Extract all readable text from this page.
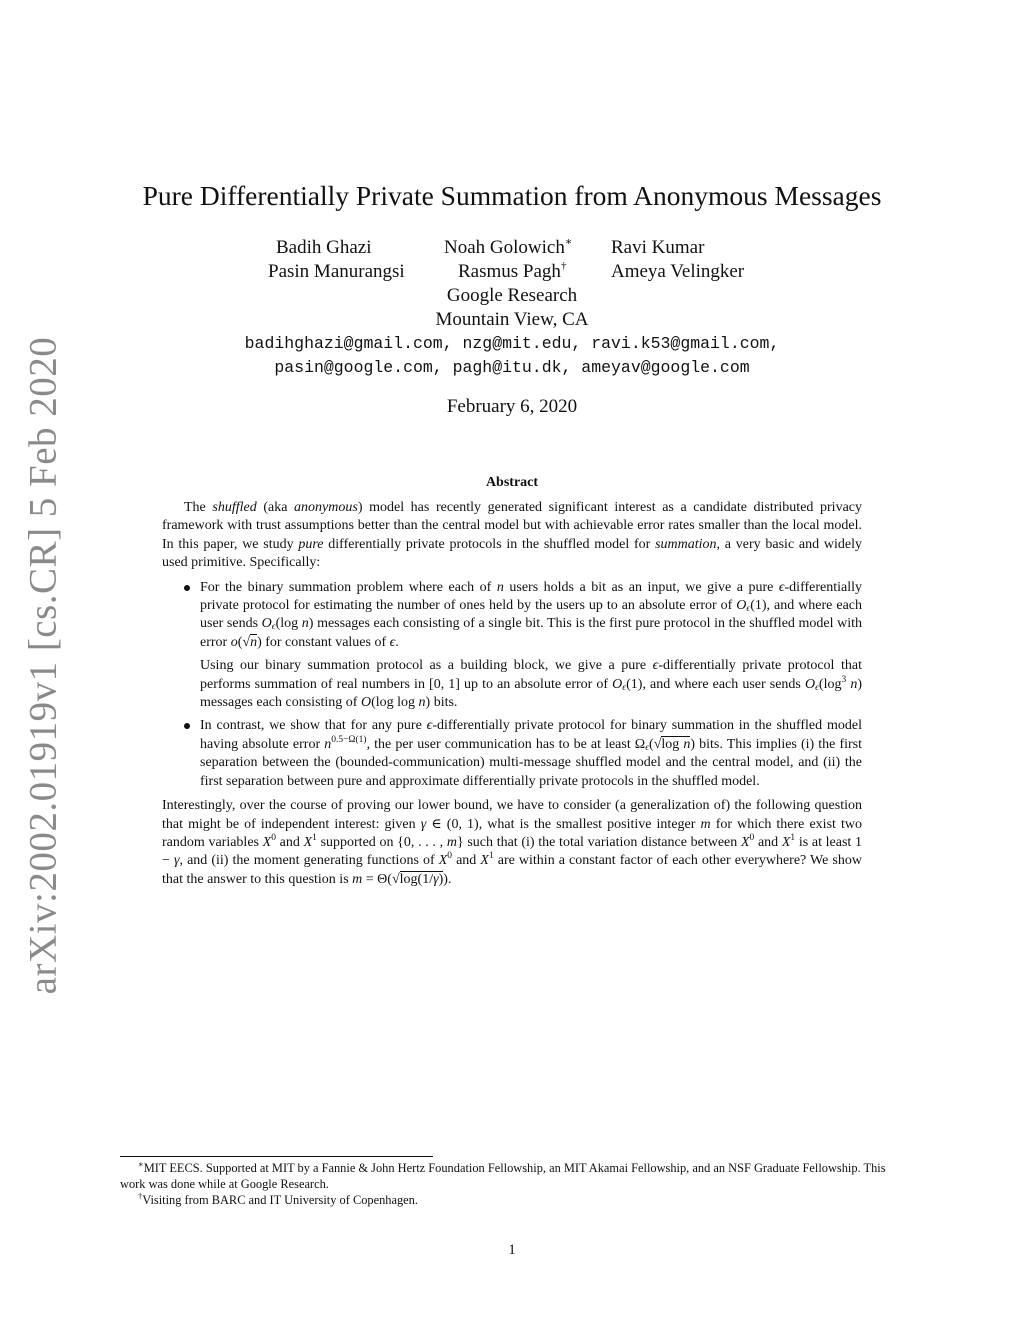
arXiv:2002.01919v1 [cs.CR] 5 Feb 2020
Pure Differentially Private Summation from Anonymous Messages
Badih Ghazi	Noah Golowich∗ Ravi Kumar
Pasin Manurangsi	Rasmus Pagh† Ameya Velingker
Google Research
Mountain View, CA
badihghazi@gmail.com, nzg@mit.edu, ravi.k53@gmail.com,
pasin@google.com, pagh@itu.dk, ameyav@google.com
February 6, 2020
Abstract

The shuffled (aka anonymous) model has recently generated significant interest as a candidate distributed privacy framework with trust assumptions better than the central model but with achievable error rates smaller than the local model. In this paper, we study pure differentially private protocols in the shuffled model for summation, a very basic and widely used primitive. Specifically:

For the binary summation problem where each of n users holds a bit as an input, we give a pure ϵ-differentially private protocol for estimating the number of ones held by the users up to an absolute error of $O_\epsilon(1)$, and where each user sends $O_\epsilon(\log$ n) messages each consisting of a single bit. This is the first pure protocol in the shuffled model with error o(√n) for constant values of ϵ.

Using our binary summation protocol as a building block, we give a pure ϵ-differentially private protocol that performs summation of real numbers in [0, 1] up to an absolute error of $O_\epsilon(1)$, and where each user sends $O_\epsilon(\log^3$ n) messages each consisting of O(log log n) bits.

In contrast, we show that for any pure ϵ-differentially private protocol for binary summation in the shuffled model having absolute error $n^{0.5-\Omega(1)}$, the per user communication has to be at least $\Omega_\epsilon(√\log$ n) bits. This implies (i) the first separation between the (bounded-communication) multi-message shuffled model and the central model, and (ii) the first separation between pure and approximate differentially private protocols in the shuffled model.

Interestingly, over the course of proving our lower bound, we have to consider (a generalization of) the following question that might be of independent interest: given γ ∈ (0, 1), what is the smallest positive integer m for which there exist two random variables $X^0$ and $X^1$ supported on {0, . . . , m} such that (i) the total variation distance between $X^0$ and $X^1$ is at least 1 − γ, and (ii) the moment generating functions of $X^0$ and $X^1$ are within a constant factor of each other everywhere? We show that the answer to this question is m = Θ(√log(1/γ)).

∗MIT EECS. Supported at MIT by a Fannie & John Hertz Foundation Fellowship, an MIT Akamai Fellowship, and an NSF Graduate Fellowship. This work was done while at Google Research.

†Visiting from BARC and IT University of Copenhagen.

1
